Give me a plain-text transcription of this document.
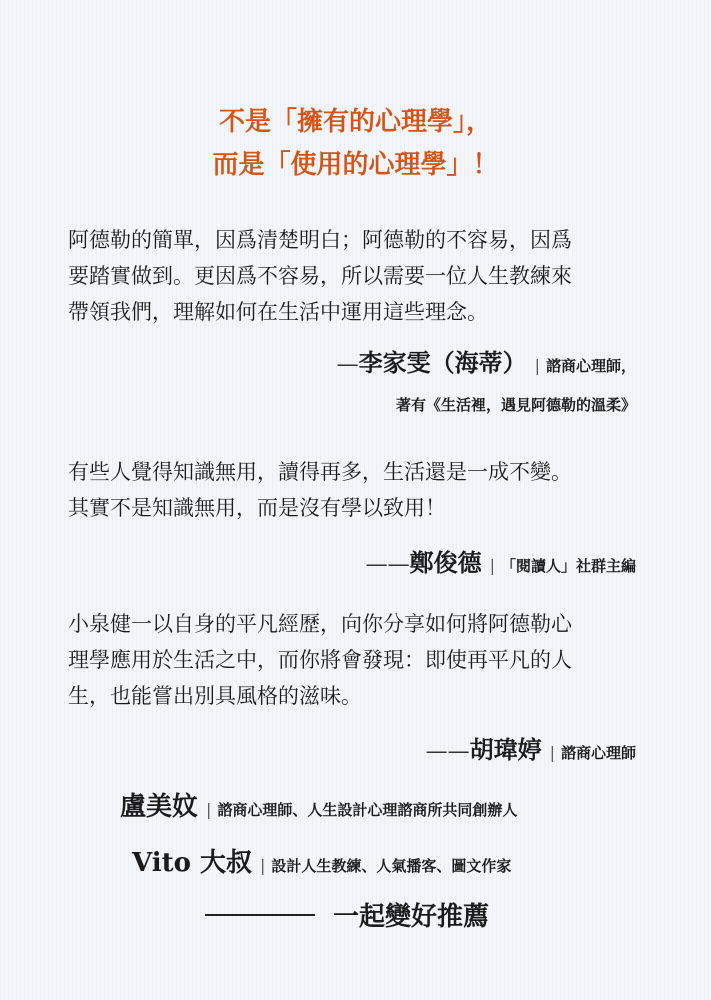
不是「擁有的心理學」，
而是「使用的心理學」！
阿德勒的簡單，因爲清楚明白；阿德勒的不容易，因爲
要踏實做到。更因爲不容易，所以需要一位人生教練來
帶領我們，理解如何在生活中運用這些理念。
— 李家雯（海蒂） | 諮商心理師，
著有《生活裡，遇見阿德勒的溫柔》
有些人覺得知識無用，讀得再多，生活還是一成不變。
其實不是知識無用，而是沒有學以致用！
—— 鄭俊德 | 「閱讀人」社群主編
小泉健一以自身的平凡經歷，向你分享如何將阿德勒心
理學應用於生活之中，而你將會發現：即使再平凡的人
生，也能嘗出別具風格的滋味。
—— 胡瑋婷 | 諮商心理師
盧美妏 | 諮商心理師、人生設計心理諮商所共同創辦人
Vito 大叔 | 設計人生教練、人氣播客、圖文作家
一起變好推薦
